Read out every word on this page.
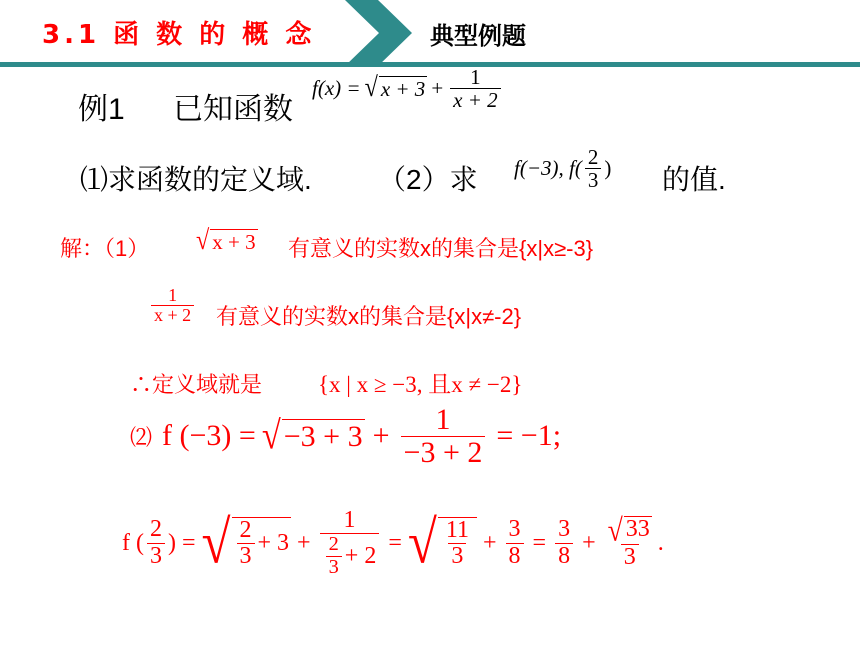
3.1 函 数 的 概 念	典型例题
例1 已知函数
f(x) = √ $x + 3 + \frac{1}{x + 2}$
⑴求函数的定义域. （2）求 f(−3), $f( \frac{2}{3}$ ) 的值.
解：（1） √ x + 3 有意义的实数x的集合是{x|x≥-3}
$\frac{1}{x + 2}$ 有意义的实数x的集合是{x|x≠-2}
∴定义域就是 {x | x ≥ −3, 且x ≠ −2}
⑵ f (−3) = √ $-3 + 3 + \frac{1}{-3 + 2} = -1$;
f ( $\frac{2}{3}$ ) = √ $\frac{2}{3} + 3 + \frac{1}{\frac{2}{3} + 2}$ = √ $\frac{11}{3} + \frac{3}{8} = \frac{3}{8} + \frac{√ 33}{3}$ .
